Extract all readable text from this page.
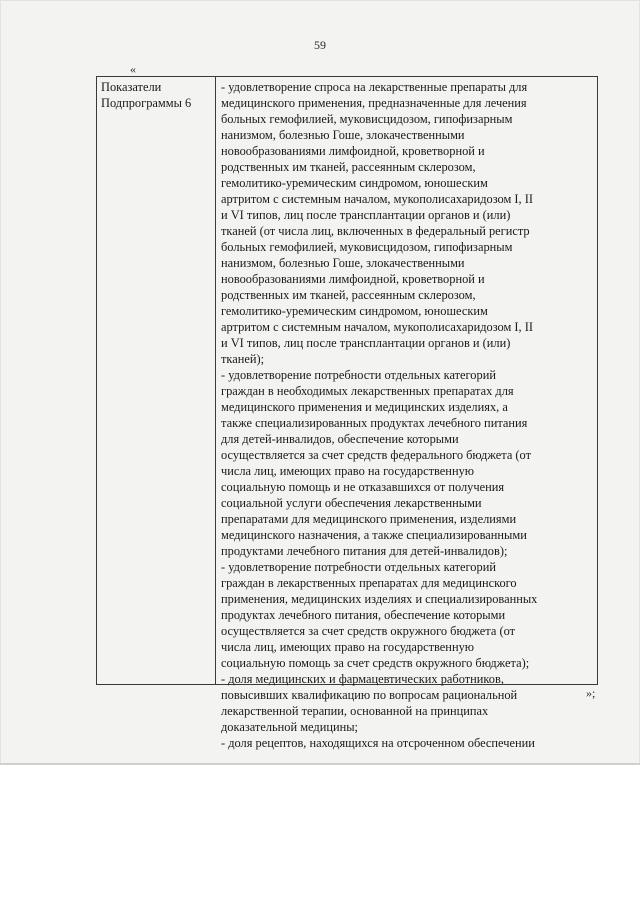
59
«
Показатели
Подпрограммы 6
- удовлетворение спроса на лекарственные препараты для
медицинского применения, предназначенные для лечения
больных гемофилией, муковисцидозом, гипофизарным
нанизмом, болезнью Гоше, злокачественными
новообразованиями лимфоидной, кроветворной и
родственных им тканей, рассеянным склерозом,
гемолитико-уремическим синдромом, юношеским
артритом с системным началом, мукополисахаридозом I, II
и VI типов, лиц после трансплантации органов и (или)
тканей (от числа лиц, включенных в федеральный регистр
больных гемофилией, муковисцидозом, гипофизарным
нанизмом, болезнью Гоше, злокачественными
новообразованиями лимфоидной, кроветворной и
родственных им тканей, рассеянным склерозом,
гемолитико-уремическим синдромом, юношеским
артритом с системным началом, мукополисахаридозом I, II
и VI типов, лиц после трансплантации органов и (или)
тканей);
- удовлетворение потребности отдельных категорий
граждан в необходимых лекарственных препаратах для
медицинского применения и медицинских изделиях, а
также специализированных продуктах лечебного питания
для детей-инвалидов, обеспечение которыми
осуществляется за счет средств федерального бюджета (от
числа лиц, имеющих право на государственную
социальную помощь и не отказавшихся от получения
социальной услуги обеспечения лекарственными
препаратами для медицинского применения, изделиями
медицинского назначения, а также специализированными
продуктами лечебного питания для детей-инвалидов);
- удовлетворение потребности отдельных категорий
граждан в лекарственных препаратах для медицинского
применения, медицинских изделиях и специализированных
продуктах лечебного питания, обеспечение которыми
осуществляется за счет средств окружного бюджета (от
числа лиц, имеющих право на государственную
социальную помощь за счет средств окружного бюджета);
- доля медицинских и фармацевтических работников,
повысивших квалификацию по вопросам рациональной
лекарственной терапии, основанной на принципах
доказательной медицины;
- доля рецептов, находящихся на отсроченном обеспечении
»;
